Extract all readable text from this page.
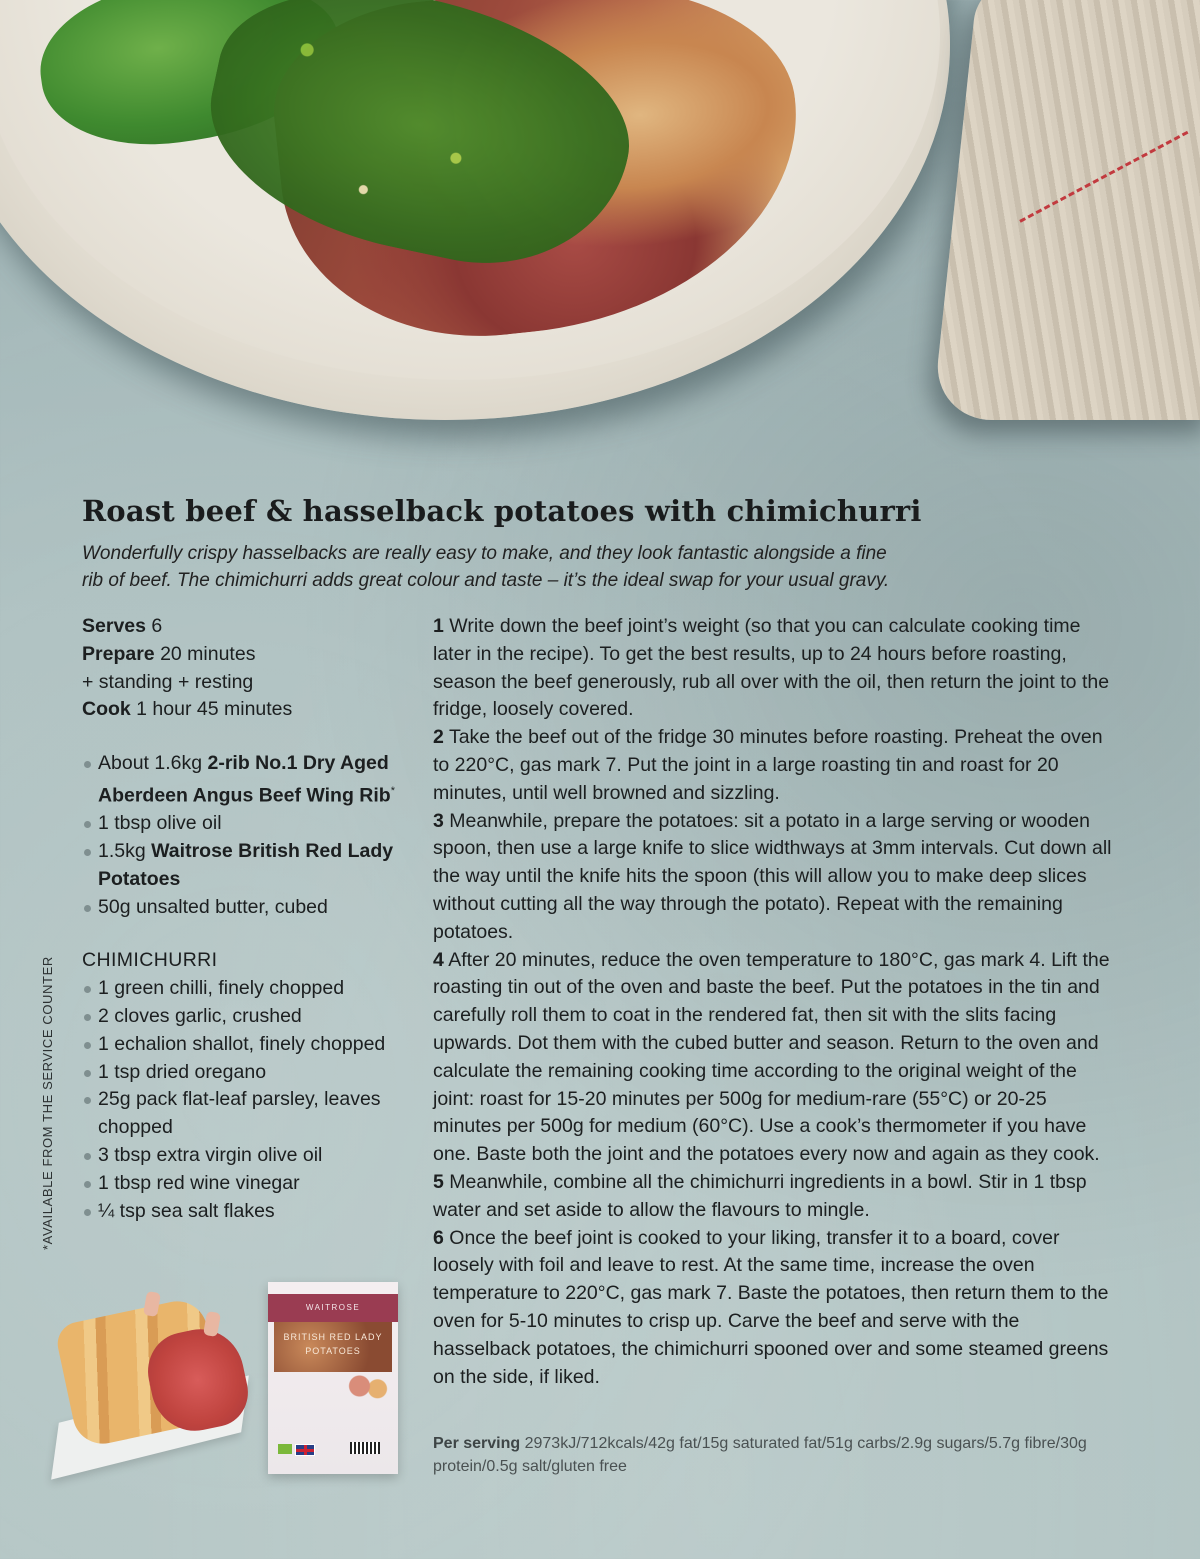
Roast beef & hasselback potatoes with chimichurri
Wonderfully crispy hasselbacks are really easy to make, and they look fantastic alongside a fine
rib of beef. The chimichurri adds great colour and taste – it’s the ideal swap for your usual gravy.
Serves 6
Prepare 20 minutes
+ standing + resting
Cook 1 hour 45 minutes
About 1.6kg 2-rib No.1 Dry Aged Aberdeen Angus Beef Wing Rib*
1 tbsp olive oil
1.5kg Waitrose British Red Lady Potatoes
50g unsalted butter, cubed
CHIMICHURRI
1 green chilli, finely chopped
2 cloves garlic, crushed
1 echalion shallot, finely chopped
1 tsp dried oregano
25g pack flat-leaf parsley, leaves chopped
3 tbsp extra virgin olive oil
1 tbsp red wine vinegar
¼ tsp sea salt flakes
*AVAILABLE FROM THE SERVICE COUNTER
1 Write down the beef joint’s weight (so that you can calculate cooking time later in the recipe). To get the best results, up to 24 hours before roasting, season the beef generously, rub all over with the oil, then return the joint to the fridge, loosely covered.
2 Take the beef out of the fridge 30 minutes before roasting. Preheat the oven to 220°C, gas mark 7. Put the joint in a large roasting tin and roast for 20 minutes, until well browned and sizzling.
3 Meanwhile, prepare the potatoes: sit a potato in a large serving or wooden spoon, then use a large knife to slice widthways at 3mm intervals. Cut down all the way until the knife hits the spoon (this will allow you to make deep slices without cutting all the way through the potato). Repeat with the remaining potatoes.
4 After 20 minutes, reduce the oven temperature to 180°C, gas mark 4. Lift the roasting tin out of the oven and baste the beef. Put the potatoes in the tin and carefully roll them to coat in the rendered fat, then sit with the slits facing upwards. Dot them with the cubed butter and season. Return to the oven and calculate the remaining cooking time according to the original weight of the joint: roast for 15-20 minutes per 500g for medium-rare (55°C) or 20-25 minutes per 500g for medium (60°C). Use a cook’s thermometer if you have one. Baste both the joint and the potatoes every now and again as they cook.
5 Meanwhile, combine all the chimichurri ingredients in a bowl. Stir in 1 tbsp water and set aside to allow the flavours to mingle.
6 Once the beef joint is cooked to your liking, transfer it to a board, cover loosely with foil and leave to rest. At the same time, increase the oven temperature to 220°C, gas mark 7. Baste the potatoes, then return them to the oven for 5-10 minutes to crisp up. Carve the beef and serve with the hasselback potatoes, the chimichurri spooned over and some steamed greens on the side, if liked.
Per serving 2973kJ/712kcals/42g fat/15g saturated fat/51g carbs/2.9g sugars/5.7g fibre/30g protein/0.5g salt/gluten free
WAITROSE
BRITISH RED LADY POTATOES
